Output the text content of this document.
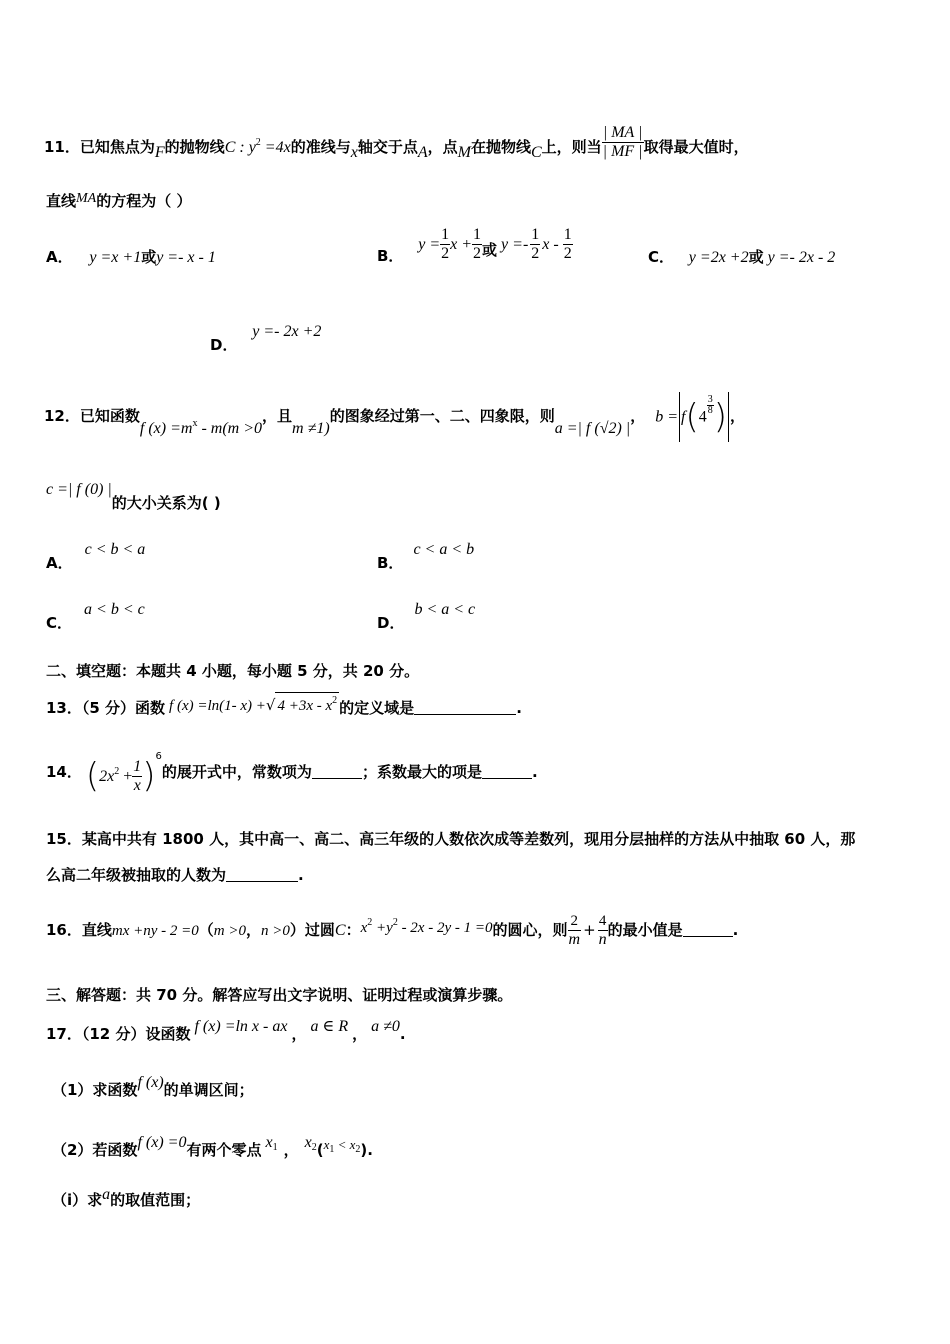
11．已知焦点为F的抛物线C : $y^2 =4x$的准线与x轴交于点A，点M在抛物线C上，则当 $\frac{| MA |}{| MF |}$ 取得最大值时，
直线MA的方程为（ ）
A． y =x +1或y =- x - 1	B． $y = \frac{1}{2}$ $x + \frac{1}{2}$ 或 $y =- \frac{1}{2}$ x - $\frac{1}{2}$	C． y =2x +2或 y =- 2x - 2
D． y =- 2x +2
12．已知函数f $(x) =m^x - m(m >0$，且m ≠1)的图象经过第一、二、四象限，则a =| f (√2) |， b = f(4
$\frac{3}{8}$ ) ，
c =| f (0) |的大小关系为( )
A．c < b < a
B．c < a < b
C．a < b < c
D．b < a < c
二、填空题：本题共 4 小题，每小题 5 分，共 20 分。
13．（5 分）函数 f (x) =ln(1- x) +√ $4 +3x - x^2$ 的定义域是	.
14． $(2x^2 + \frac{1}{x} )^6$的展开式中，常数项为	；系数最大的项是	.
15．某高中共有 1800 人，其中高一、高二、高三年级的人数依次成等差数列，现用分层抽样的方法从中抽取 60 人，那
么高二年级被抽取的人数为	.
16．直线mx +ny - 2 =0（m >0，n >0）过圆C：$x^2 +y^2 - 2x - 2y - 1 =0$的圆心，则 $\frac{2}{m} + \frac{4}{n}$ 的最小值是	.
三、解答题：共 70 分。解答应写出文字说明、证明过程或演算步骤。
17．（12 分）设函数 f (x) =ln x - ax ， a ∈ R ， a ≠0.
（1）求函数f (x)的单调区间；
（2）若函数f (x) =0有两个零点 $x_1$ ， $x_2(x_1 < x_2)$.
（i）求a的取值范围；
